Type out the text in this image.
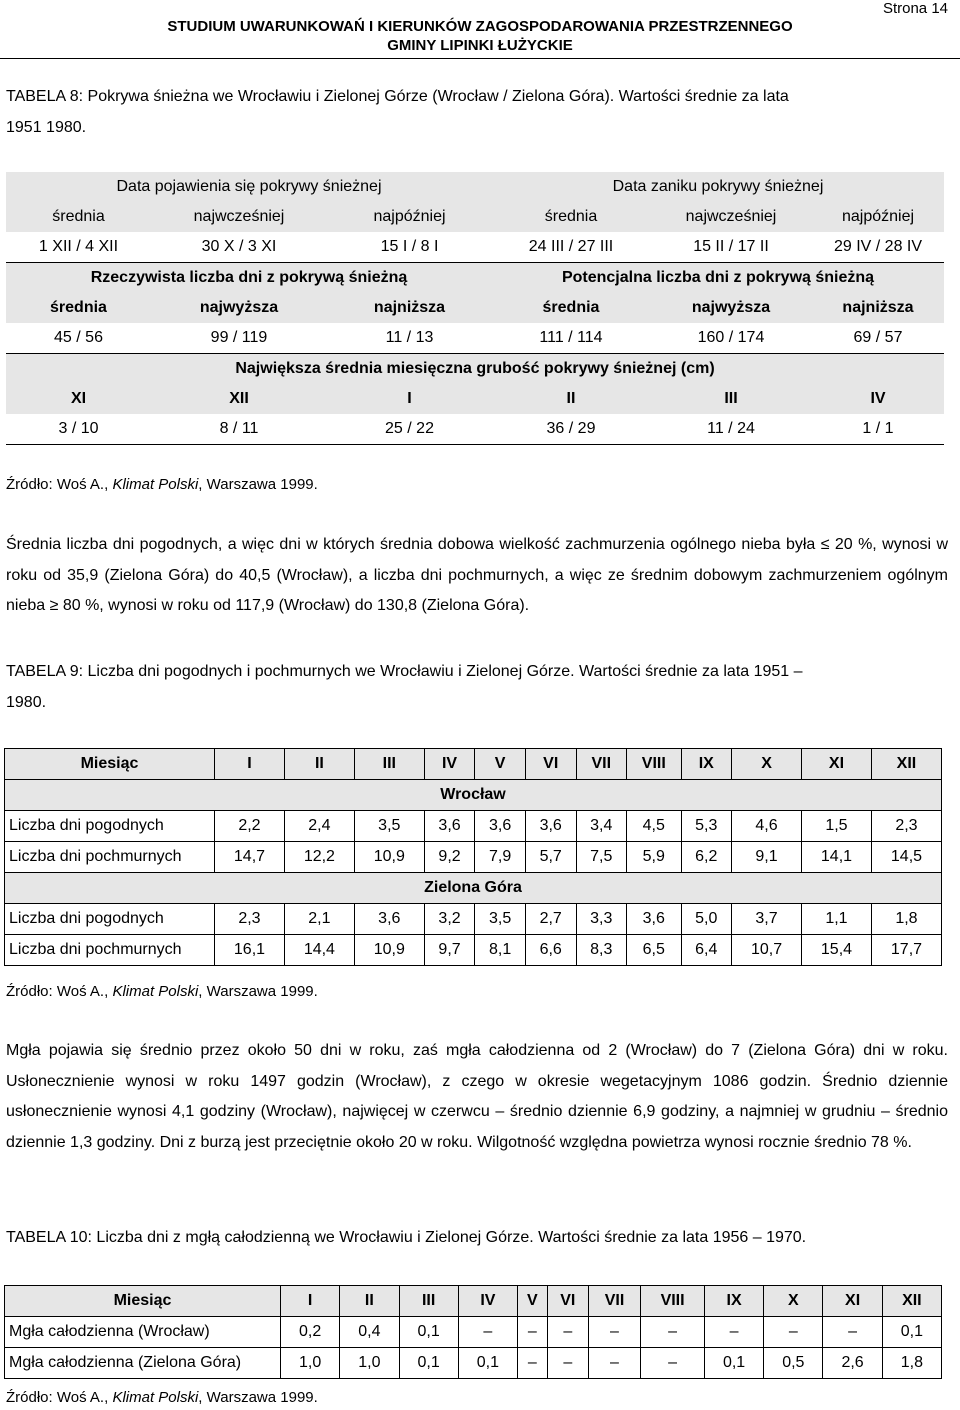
Strona 14
STUDIUM UWARUNKOWAŃ I KIERUNKÓW ZAGOSPODAROWANIA PRZESTRZENNEGO
GMINY LIPINKI ŁUŻYCKIE
TABELA 8: Pokrywa śnieżna we Wrocławiu i Zielonej Górze (Wrocław / Zielona Góra). Wartości średnie za lata
1951 1980.
Data pojawienia się pokrywy śnieżnej			Data zaniku pokrywy śnieżnej		
średnia	najwcześniej	najpóźniej	średnia	najwcześniej	najpóźniej
1 XII / 4 XII	30 X / 3 XI	15 I / 8 I	24 III / 27 III	15 II / 17 II	29 IV / 28 IV
Rzeczywista liczba dni z pokrywą śnieżną			Potencjalna liczba dni z pokrywą śnieżną		
średnia	najwyższa	najniższa	średnia	najwyższa	najniższa
45 / 56	99 / 119	11 / 13	111 / 114	160 / 174	69 / 57
Największa średnia miesięczna grubość pokrywy śnieżnej (cm)					
XI	XII	I	II	III	IV
3 / 10	8 / 11	25 / 22	36 / 29	11 / 24	1 / 1
Źródło: Woś A., Klimat Polski, Warszawa 1999.
Średnia liczba dni pogodnych, a więc dni w których średnia dobowa wielkość zachmurzenia ogólnego nieba była ≤ 20 %, wynosi w roku od 35,9 (Zielona Góra) do 40,5 (Wrocław), a liczba dni pochmurnych, a więc ze średnim dobowym zachmurzeniem ogólnym nieba ≥ 80 %, wynosi w roku od 117,9 (Wrocław) do 130,8 (Zielona Góra).
TABELA 9: Liczba dni pogodnych i pochmurnych we Wrocławiu i Zielonej Górze. Wartości średnie za lata 1951 –
1980.
Miesiąc	I	II	III	IV	V	VI	VII	VIII	IX	X	XI	XII
Wrocław												
Liczba dni pogodnych	2,2	2,4	3,5	3,6	3,6	3,6	3,4	4,5	5,3	4,6	1,5	2,3
Liczba dni pochmurnych	14,7	12,2	10,9	9,2	7,9	5,7	7,5	5,9	6,2	9,1	14,1	14,5
Zielona Góra												
Liczba dni pogodnych	2,3	2,1	3,6	3,2	3,5	2,7	3,3	3,6	5,0	3,7	1,1	1,8
Liczba dni pochmurnych	16,1	14,4	10,9	9,7	8,1	6,6	8,3	6,5	6,4	10,7	15,4	17,7
Źródło: Woś A., Klimat Polski, Warszawa 1999.
Mgła pojawia się średnio przez około 50 dni w roku, zaś mgła całodzienna od 2 (Wrocław) do 7 (Zielona Góra) dni w roku. Usłonecznienie wynosi w roku 1497 godzin (Wrocław), z czego w okresie wegetacyjnym 1086 godzin. Średnio dziennie usłonecznienie wynosi 4,1 godziny (Wrocław), najwięcej w czerwcu – średnio dziennie 6,9 godziny, a najmniej w grudniu – średnio dziennie 1,3 godziny. Dni z burzą jest przeciętnie około 20 w roku. Wilgotność względna powietrza wynosi rocznie średnio 78 %.
TABELA 10: Liczba dni z mgłą całodzienną we Wrocławiu i Zielonej Górze. Wartości średnie za lata 1956 – 1970.
Miesiąc	I	II	III	IV	V	VI	VII	VIII	IX	X	XI	XII
Mgła całodzienna (Wrocław)	0,2	0,4	0,1	–	–	–	–	–	–	–	–	0,1
Mgła całodzienna (Zielona Góra)	1,0	1,0	0,1	0,1	–	–	–	–	0,1	0,5	2,6	1,8
Źródło: Woś A., Klimat Polski, Warszawa 1999.
